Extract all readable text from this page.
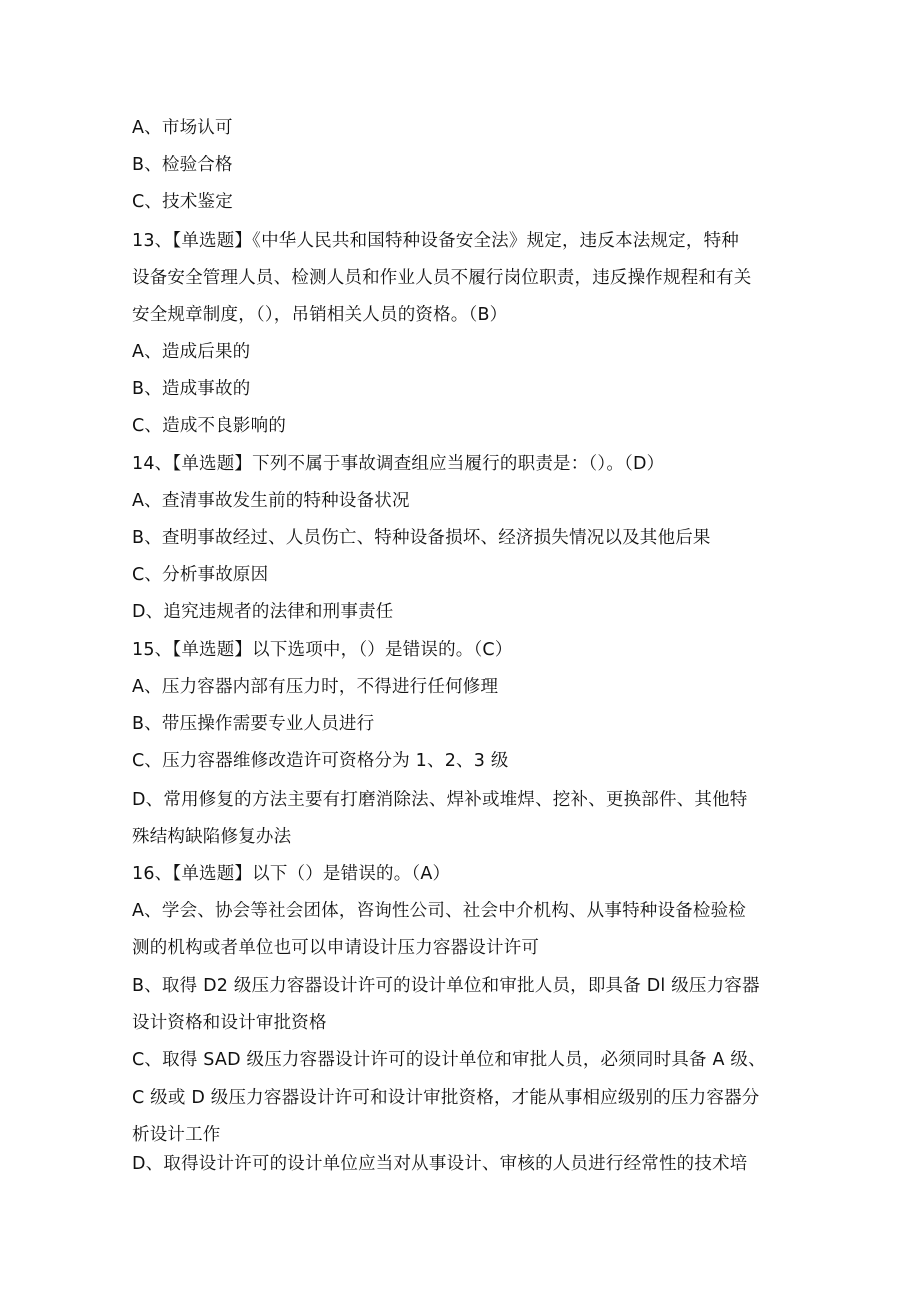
A、市场认可
B、检验合格
C、技术鉴定
13、【单选题】《中华人民共和国特种设备安全法》规定，违反本法规定，特种
设备安全管理人员、检测人员和作业人员不履行岗位职责，违反操作规程和有关
安全规章制度，（），吊销相关人员的资格。（B）
A、造成后果的
B、造成事故的
C、造成不良影响的
14、【单选题】下列不属于事故调查组应当履行的职责是：（）。（D）
A、查清事故发生前的特种设备状况
B、查明事故经过、人员伤亡、特种设备损坏、经济损失情况以及其他后果
C、分析事故原因
D、追究违规者的法律和刑事责任
15、【单选题】以下选项中，（）是错误的。（C）
A、压力容器内部有压力时，不得进行任何修理
B、带压操作需要专业人员进行
C、压力容器维修改造许可资格分为 1、2、3 级
D、常用修复的方法主要有打磨消除法、焊补或堆焊、挖补、更换部件、其他特
殊结构缺陷修复办法
16、【单选题】以下（）是错误的。（A）
A、学会、协会等社会团体，咨询性公司、社会中介机构、从事特种设备检验检
测的机构或者单位也可以申请设计压力容器设计许可
B、取得 D2 级压力容器设计许可的设计单位和审批人员，即具备 Dl 级压力容器
设计资格和设计审批资格
C、取得 SAD 级压力容器设计许可的设计单位和审批人员，必须同时具备 A 级、
C 级或 D 级压力容器设计许可和设计审批资格，才能从事相应级别的压力容器分
析设计工作
D、取得设计许可的设计单位应当对从事设计、审核的人员进行经常性的技术培
